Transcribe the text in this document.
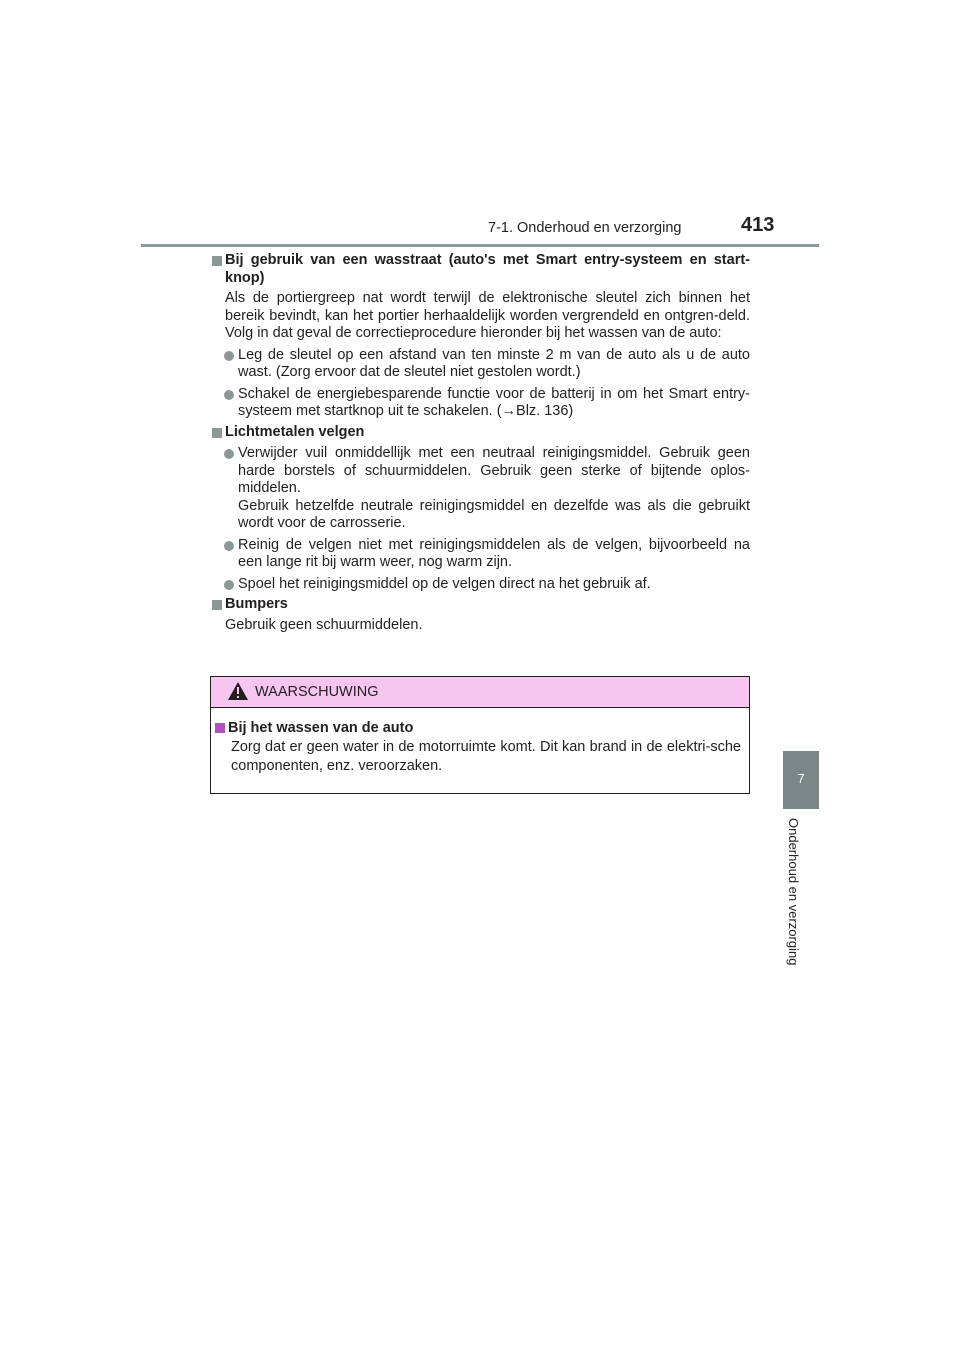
7-1. Onderhoud en verzorging	413
7
Onderhoud en verzorging
Bij gebruik van een wasstraat (auto's met Smart entry-systeem en start-knop)
Als de portiergreep nat wordt terwijl de elektronische sleutel zich binnen het bereik bevindt, kan het portier herhaaldelijk worden vergrendeld en ontgren-deld. Volg in dat geval de correctieprocedure hieronder bij het wassen van de auto:
Leg de sleutel op een afstand van ten minste 2 m van de auto als u de auto wast. (Zorg ervoor dat de sleutel niet gestolen wordt.)
Schakel de energiebesparende functie voor de batterij in om het Smart entry-systeem met startknop uit te schakelen. (→Blz. 136)
Lichtmetalen velgen
Verwijder vuil onmiddellijk met een neutraal reinigingsmiddel. Gebruik geen harde borstels of schuurmiddelen. Gebruik geen sterke of bijtende oplos-middelen.
Gebruik hetzelfde neutrale reinigingsmiddel en dezelfde was als die gebruikt wordt voor de carrosserie.
Reinig de velgen niet met reinigingsmiddelen als de velgen, bijvoorbeeld na een lange rit bij warm weer, nog warm zijn.
Spoel het reinigingsmiddel op de velgen direct na het gebruik af.
Bumpers
Gebruik geen schuurmiddelen.
WAARSCHUWING
Bij het wassen van de auto
Zorg dat er geen water in de motorruimte komt. Dit kan brand in de elektri-sche componenten, enz. veroorzaken.
